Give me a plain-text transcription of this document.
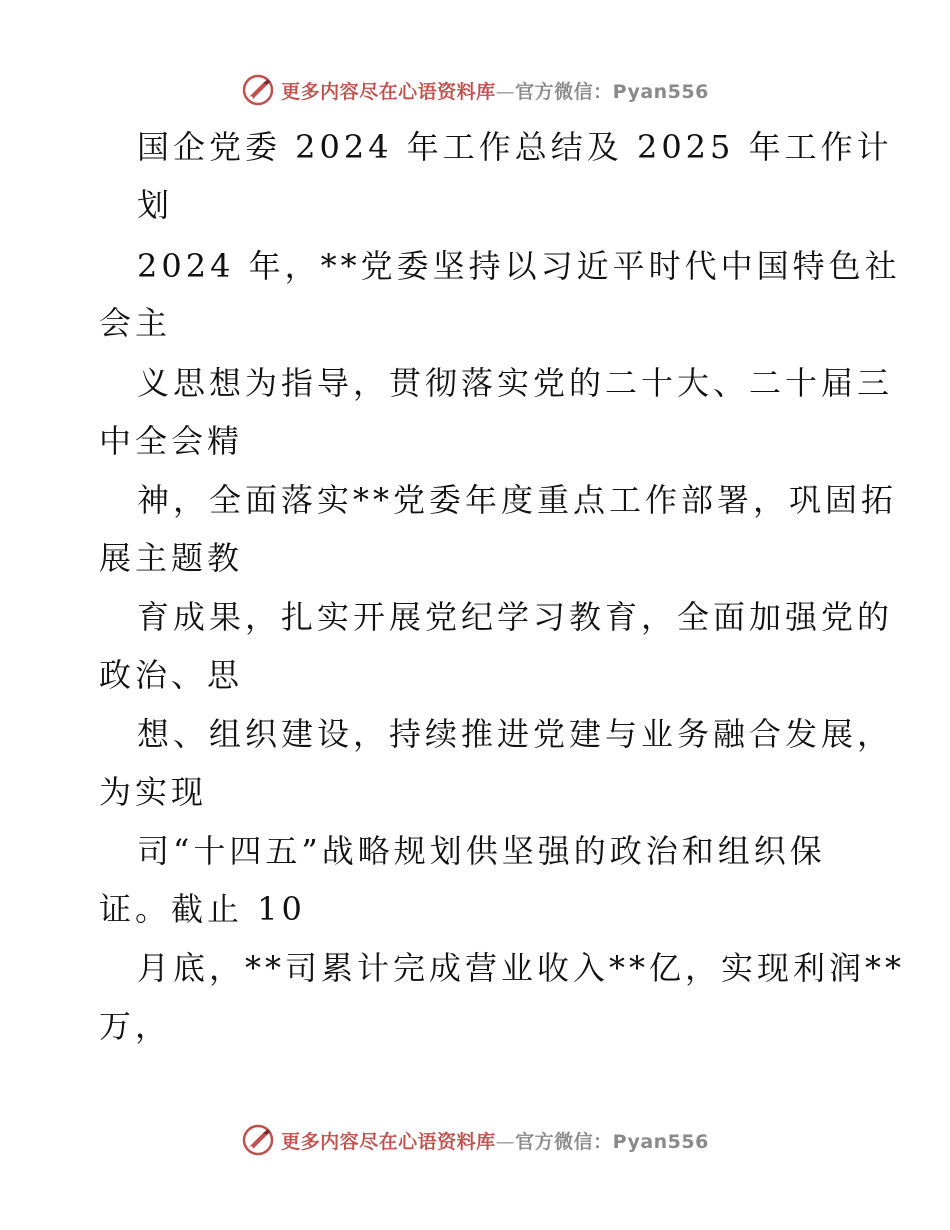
更多内容尽在心语资料库—官方微信：Pyan556
国企党委 2024 年工作总结及 2025 年工作计
划
2024 年，**党委坚持以习近平时代中国特色社
会主
义思想为指导，贯彻落实党的二十大、二十届三
中全会精
神，全面落实**党委年度重点工作部署，巩固拓
展主题教
育成果，扎实开展党纪学习教育，全面加强党的
政治、思
想、组织建设，持续推进党建与业务融合发展，
为实现
司“十四五”战略规划供坚强的政治和组织保
证。截止 10
月底，**司累计完成营业收入**亿，实现利润**
万，
更多内容尽在心语资料库—官方微信：Pyan556
